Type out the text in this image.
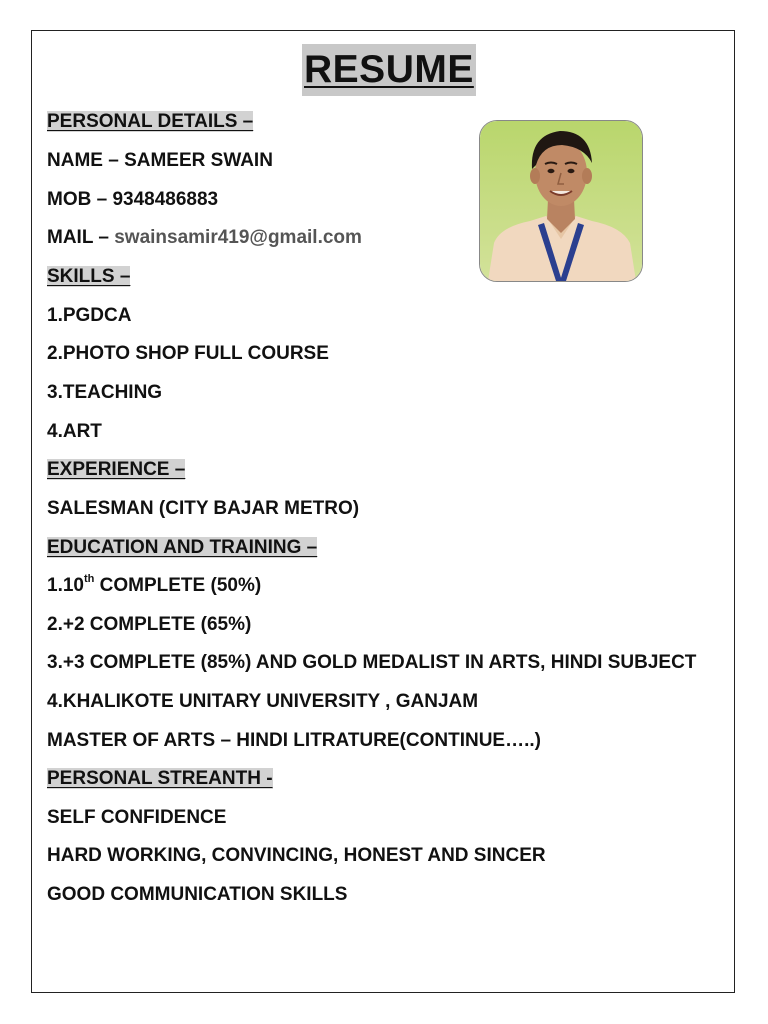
RESUME
PERSONAL DETAILS –
NAME – SAMEER SWAIN
MOB – 9348486883
MAIL – swainsamir419@gmail.com
SKILLS –
1.PGDCA
2.PHOTO SHOP FULL COURSE
3.TEACHING
4.ART
EXPERIENCE –
SALESMAN (CITY BAJAR METRO)
EDUCATION AND TRAINING –
1.10th COMPLETE (50%)
2.+2 COMPLETE (65%)
3.+3 COMPLETE (85%) AND GOLD MEDALIST IN ARTS, HINDI SUBJECT
4.KHALIKOTE UNITARY UNIVERSITY , GANJAM
MASTER OF ARTS – HINDI LITRATURE(CONTINUE…..)
PERSONAL STREANTH -
SELF CONFIDENCE
HARD WORKING, CONVINCING, HONEST AND SINCER
GOOD COMMUNICATION SKILLS
